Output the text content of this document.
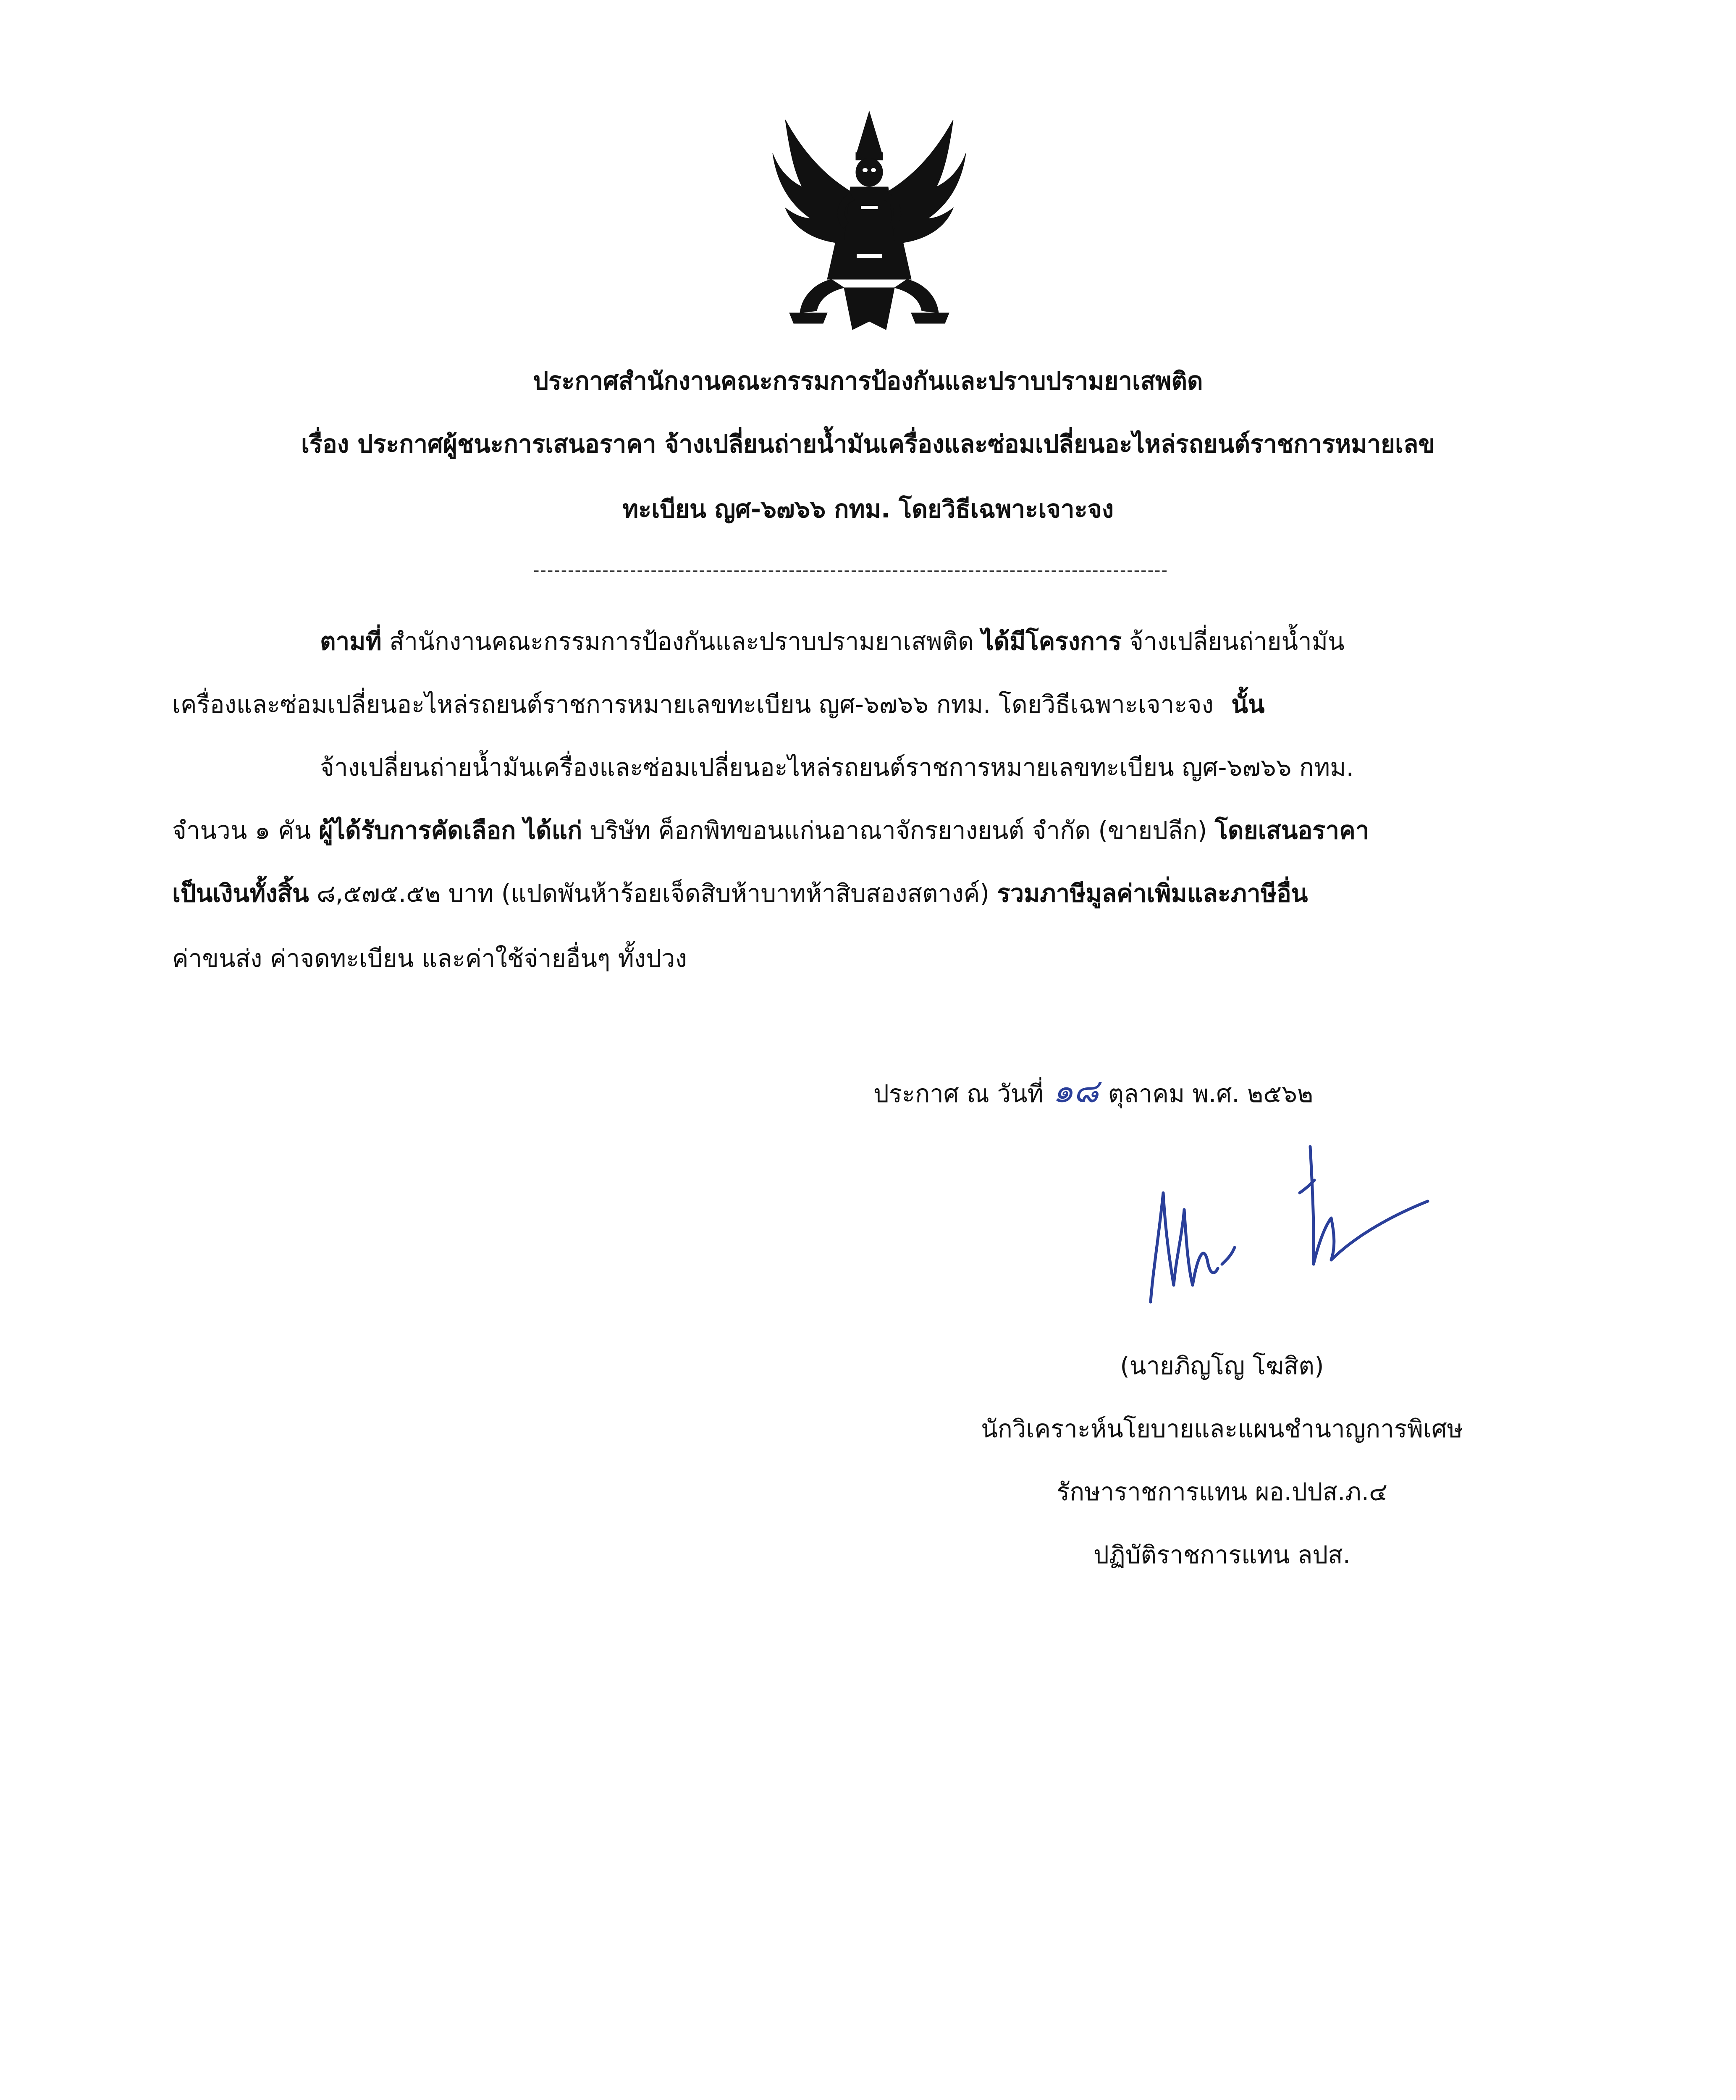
ประกาศสำนักงานคณะกรรมการป้องกันและปราบปรามยาเสพติด
เรื่อง ประกาศผู้ชนะการเสนอราคา จ้างเปลี่ยนถ่ายน้ำมันเครื่องและซ่อมเปลี่ยนอะไหล่รถยนต์ราชการหมายเลข
ทะเบียน ญศ-๖๗๖๖ กทม. โดยวิธีเฉพาะเจาะจง
--------------------------------------------------------------------------------------------
ตามที่ สำนักงานคณะกรรมการป้องกันและปราบปรามยาเสพติด ได้มีโครงการ จ้างเปลี่ยนถ่ายน้ำมัน
เครื่องและซ่อมเปลี่ยนอะไหล่รถยนต์ราชการหมายเลขทะเบียน ญศ-๖๗๖๖ กทม. โดยวิธีเฉพาะเจาะจง นั้น
จ้างเปลี่ยนถ่ายน้ำมันเครื่องและซ่อมเปลี่ยนอะไหล่รถยนต์ราชการหมายเลขทะเบียน ญศ-๖๗๖๖ กทม.
จำนวน ๑ คัน ผู้ได้รับการคัดเลือก ได้แก่ บริษัท ค็อกพิทขอนแก่นอาณาจักรยางยนต์ จำกัด (ขายปลีก) โดยเสนอราคา
เป็นเงินทั้งสิ้น ๘,๕๗๕.๕๒ บาท (แปดพันห้าร้อยเจ็ดสิบห้าบาทห้าสิบสองสตางค์) รวมภาษีมูลค่าเพิ่มและภาษีอื่น
ค่าขนส่ง ค่าจดทะเบียน และค่าใช้จ่ายอื่นๆ ทั้งปวง
ประกาศ ณ วันที่ ๑๘ ตุลาคม พ.ศ. ๒๕๖๒
(นายภิญโญ โฆสิต)
นักวิเคราะห์นโยบายและแผนชำนาญการพิเศษ
รักษาราชการแทน ผอ.ปปส.ภ.๔
ปฏิบัติราชการแทน ลปส.
